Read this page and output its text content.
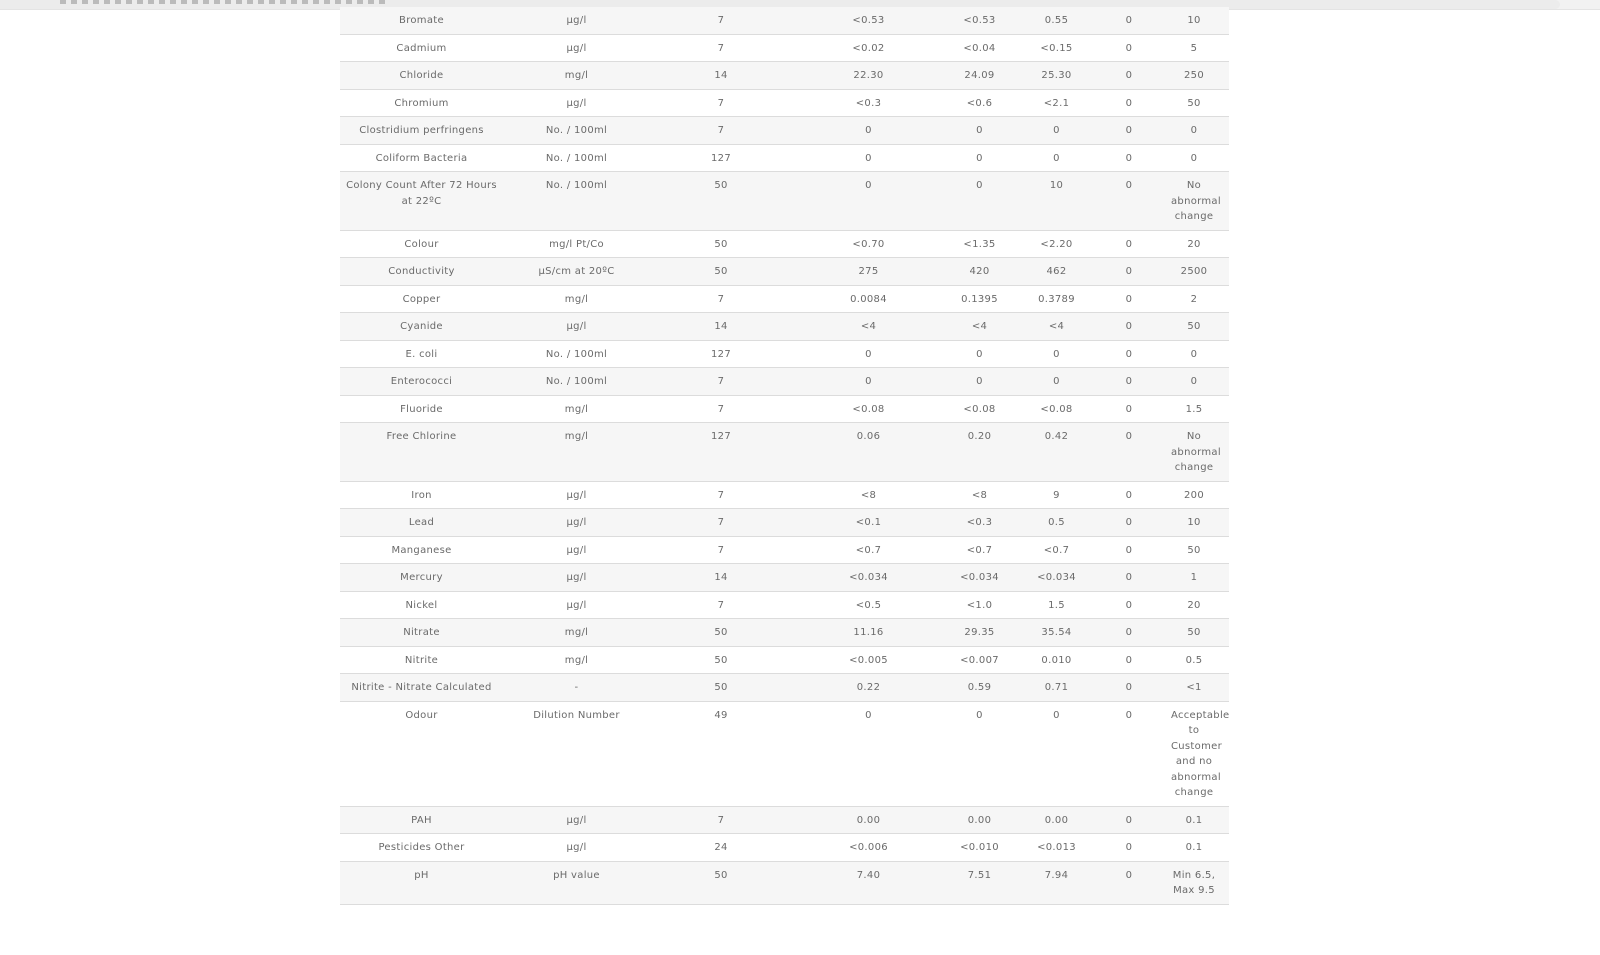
Bromate	µg/l	7	<0.53	<0.53	0.55	0	10
Cadmium	µg/l	7	<0.02	<0.04	<0.15	0	5
Chloride	mg/l	14	22.30	24.09	25.30	0	250
Chromium	µg/l	7	<0.3	<0.6	<2.1	0	50
Clostridium perfringens	No. / 100ml	7	0	0	0	0	0
Coliform Bacteria	No. / 100ml	127	0	0	0	0	0
Colony Count After 72 Hours at 22ºC	No. / 100ml	50	0	0	10	0	No abnormal change
Colour	mg/l Pt/Co	50	<0.70	<1.35	<2.20	0	20
Conductivity	µS/cm at 20ºC	50	275	420	462	0	2500
Copper	mg/l	7	0.0084	0.1395	0.3789	0	2
Cyanide	µg/l	14	<4	<4	<4	0	50
E. coli	No. / 100ml	127	0	0	0	0	0
Enterococci	No. / 100ml	7	0	0	0	0	0
Fluoride	mg/l	7	<0.08	<0.08	<0.08	0	1.5
Free Chlorine	mg/l	127	0.06	0.20	0.42	0	No abnormal change
Iron	µg/l	7	<8	<8	9	0	200
Lead	µg/l	7	<0.1	<0.3	0.5	0	10
Manganese	µg/l	7	<0.7	<0.7	<0.7	0	50
Mercury	µg/l	14	<0.034	<0.034	<0.034	0	1
Nickel	µg/l	7	<0.5	<1.0	1.5	0	20
Nitrate	mg/l	50	11.16	29.35	35.54	0	50
Nitrite	mg/l	50	<0.005	<0.007	0.010	0	0.5
Nitrite - Nitrate Calculated	-	50	0.22	0.59	0.71	0	<1
Odour	Dilution Number	49	0	0	0	0	Acceptable to Customer and no abnormal change
PAH	µg/l	7	0.00	0.00	0.00	0	0.1
Pesticides Other	µg/l	24	<0.006	<0.010	<0.013	0	0.1
pH	pH value	50	7.40	7.51	7.94	0	Min 6.5, Max 9.5
